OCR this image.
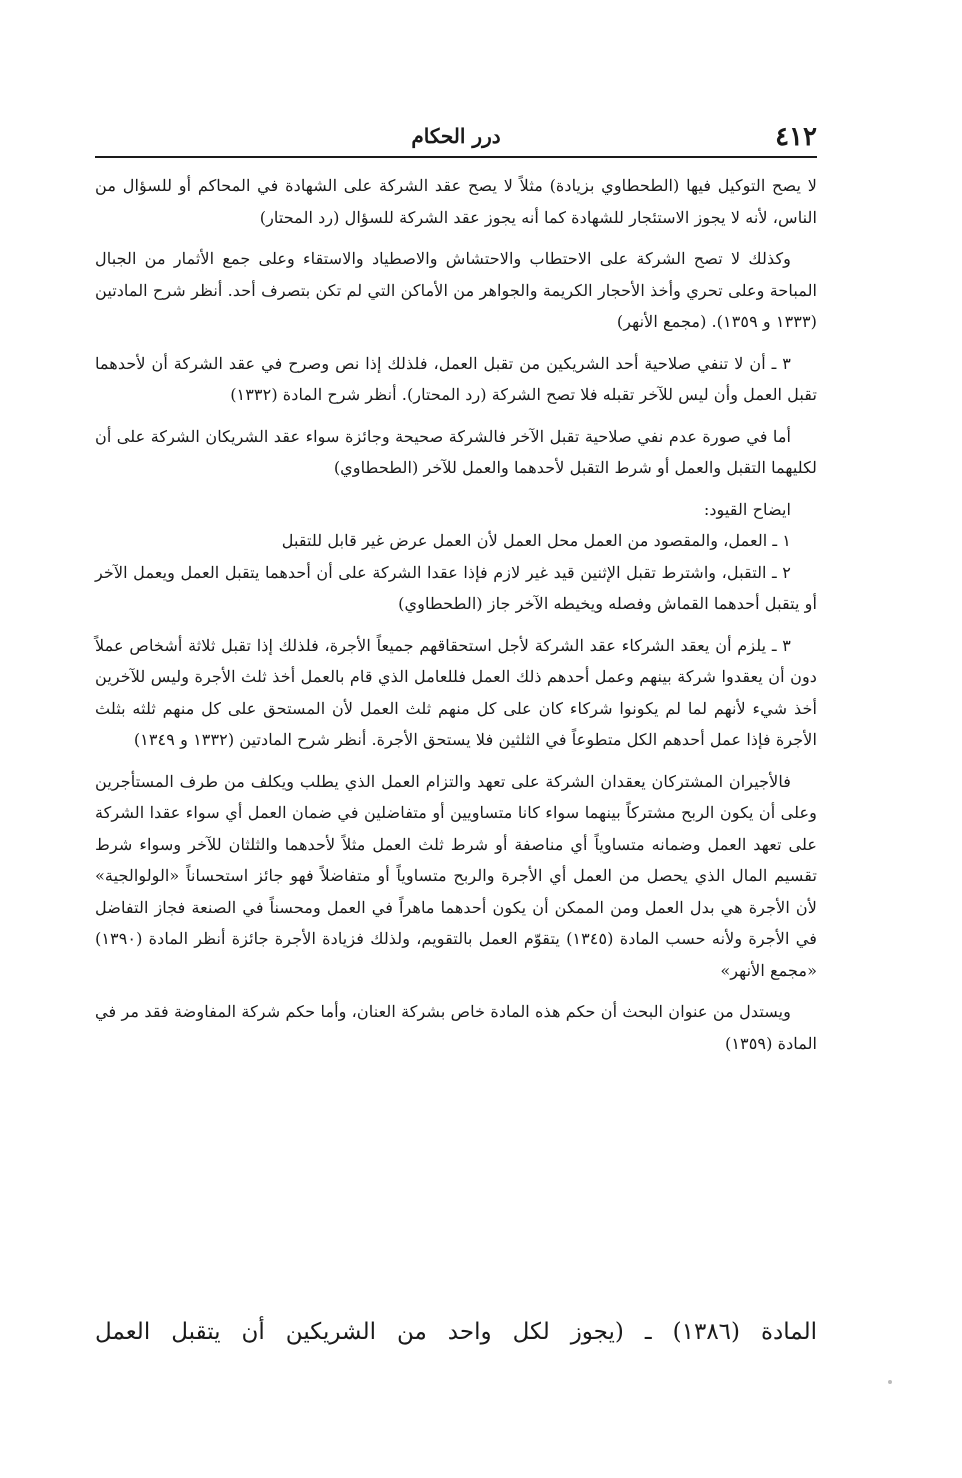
٤١٢
درر الحكام

لا يصح التوكيل فيها (الطحطاوي بزيادة) مثلاً لا يصح عقد الشركة على الشهادة في المحاكم أو للسؤال من الناس، لأنه لا يجوز الاستئجار للشهادة كما أنه يجوز عقد الشركة للسؤال (رد المحتار)

وكذلك لا تصح الشركة على الاحتطاب والاحتشاش والاصطياد والاستقاء وعلى جمع الأثمار من الجبال المباحة وعلى تحري وأخذ الأحجار الكريمة والجواهر من الأماكن التي لم تكن بتصرف أحد. أنظر شرح المادتين (١٣٣٣ و ١٣٥٩). (مجمع الأنهر)

٣ ـ أن لا تنفي صلاحية أحد الشريكين من تقبل العمل، فلذلك إذا نص وصرح في عقد الشركة أن لأحدهما تقبل العمل وأن ليس للآخر تقبله فلا تصح الشركة (رد المحتار). أنظر شرح المادة (١٣٣٢)

أما في صورة عدم نفي صلاحية تقبل الآخر فالشركة صحيحة وجائزة سواء عقد الشريكان الشركة على أن لكليهما التقبل والعمل أو شرط التقبل لأحدهما والعمل للآخر (الطحطاوي)

ايضاح القيود:

١ ـ العمل، والمقصود من العمل محل العمل لأن العمل عرض غير قابل للتقبل

٢ ـ التقبل، واشترط تقبل الإثنين قيد غير لازم فإذا عقدا الشركة على أن أحدهما يتقبل العمل ويعمل الآخر أو يتقبل أحدهما القماش وفصله ويخيطه الآخر جاز (الطحطاوي)

٣ ـ يلزم أن يعقد الشركاء عقد الشركة لأجل استحقاقهم جميعاً الأجرة، فلذلك إذا تقبل ثلاثة أشخاص عملاً دون أن يعقدوا شركة بينهم وعمل أحدهم ذلك العمل فللعامل الذي قام بالعمل أخذ ثلث الأجرة وليس للآخرين أخذ شيء لأنهم لما لم يكونوا شركاء كان على كل منهم ثلث العمل لأن المستحق على كل منهم ثلثه بثلث الأجرة فإذا عمل أحدهم الكل متطوعاً في الثلثين فلا يستحق الأجرة. أنظر شرح المادتين (١٣٣٢ و ١٣٤٩)

فالأجيران المشتركان يعقدان الشركة على تعهد والتزام العمل الذي يطلب ويكلف من طرف المستأجرين وعلى أن يكون الربح مشتركاً بينهما سواء كانا متساويين أو متفاضلين في ضمان العمل أي سواء عقدا الشركة على تعهد العمل وضمانه متساوياً أي مناصفة أو شرط ثلث العمل مثلاً لأحدهما والثلثان للآخر وسواء شرط تقسيم المال الذي يحصل من العمل أي الأجرة والربح متساوياً أو متفاضلاً فهو جائز استحساناً «الولوالجية» لأن الأجرة هي بدل العمل ومن الممكن أن يكون أحدهما ماهراً في العمل ومحسناً في الصنعة فجاز التفاضل في الأجرة ولأنه حسب المادة (١٣٤٥) يتقوّم العمل بالتقويم، ولذلك فزيادة الأجرة جائزة أنظر المادة (١٣٩٠) «مجمع الأنهر»

ويستدل من عنوان البحث أن حكم هذه المادة خاص بشركة العنان، وأما حكم شركة المفاوضة فقد مر في المادة (١٣٥٩)

المادة (١٣٨٦) ـ (يجوز لكل واحد من الشريكين أن يتقبل العمل
